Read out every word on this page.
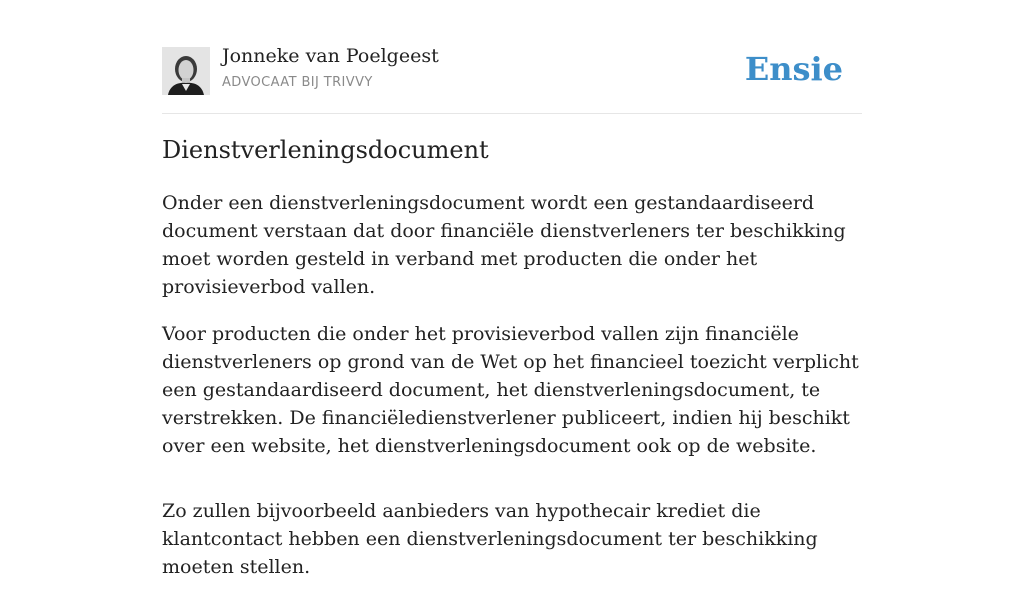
Jonneke van Poelgeest
ADVOCAAT BIJ TRIVVY	Ensie
Dienstverleningsdocument

Onder een dienstverleningsdocument wordt een gestandaardiseerd document verstaan dat door financiële dienstverleners ter beschikking moet worden gesteld in verband met producten die onder het provisieverbod vallen.

Voor producten die onder het provisieverbod vallen zijn financiële dienstverleners op grond van de Wet op het financieel toezicht verplicht een gestandaardiseerd document, het dienstverleningsdocument, te verstrekken. De financiëledienstverlener publiceert, indien hij beschikt over een website, het dienstverleningsdocument ook op de website.

Zo zullen bijvoorbeeld aanbieders van hypothecair krediet die klantcontact hebben een dienstverleningsdocument ter beschikking moeten stellen.
